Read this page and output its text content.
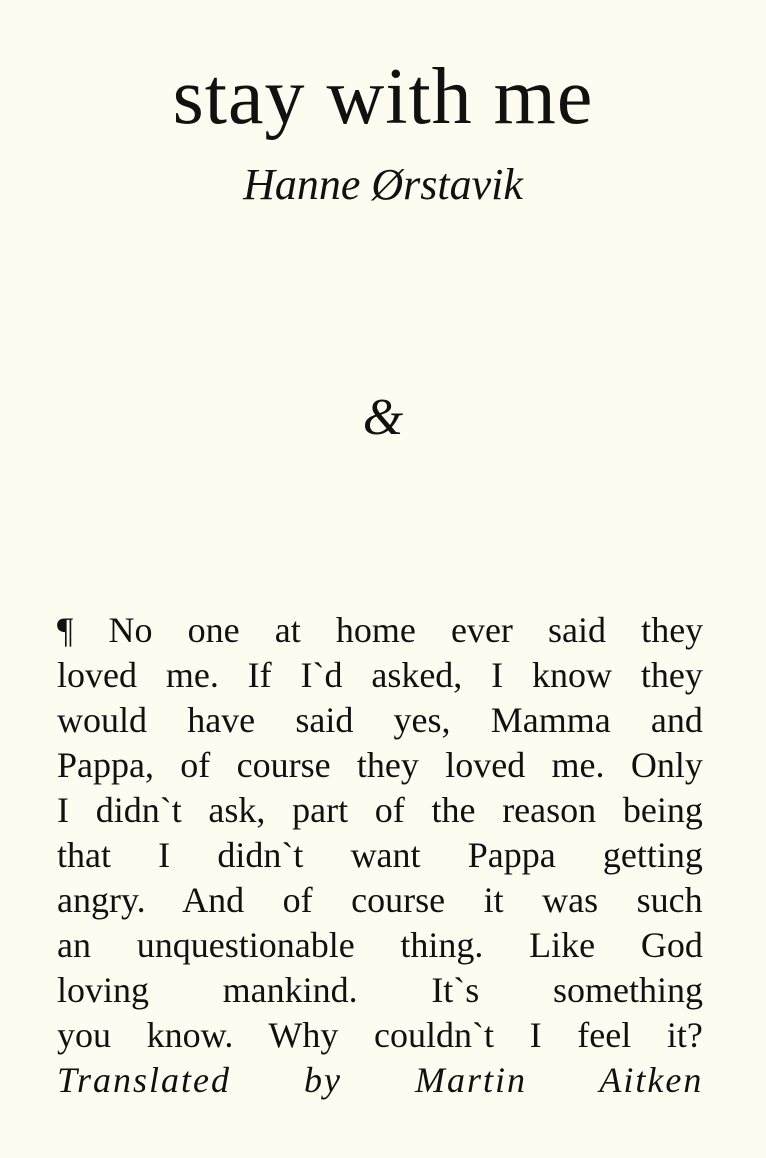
stay with me
Hanne Ørstavik
&
¶ No one at home ever said they
loved me. If I`d asked, I know they
would have said yes, Mamma and
Pappa, of course they loved me. Only
I didn`t ask, part of the reason being
that I didn`t want Pappa getting
angry. And of course it was such
an unquestionable thing. Like God
loving mankind. It`s something
you know. Why couldn`t I feel it?
Translated by Martin Aitken
